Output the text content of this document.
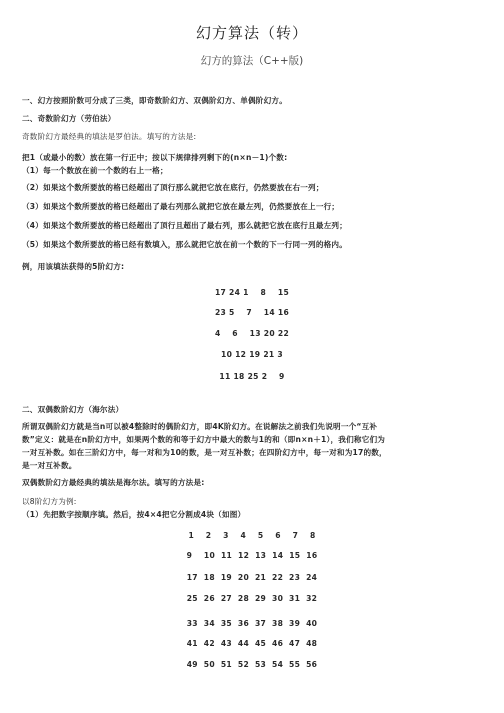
幻方算法（转）
幻方的算法（C++版)
一、幻方按照阶数可分成了三类，即奇数阶幻方、双偶阶幻方、单偶阶幻方。
二、奇数阶幻方（劳伯法）
奇数阶幻方最经典的填法是罗伯法。填写的方法是:
把1（或最小的数）放在第一行正中；按以下规律排列剩下的(n×n－1)个数:
（1）每一个数放在前一个数的右上一格；
（2）如果这个数所要放的格已经超出了顶行那么就把它放在底行，仍然要放在右一列；
（3）如果这个数所要放的格已经超出了最右列那么就把它放在最左列，仍然要放在上一行；
（4）如果这个数所要放的格已经超出了顶行且超出了最右列，那么就把它放在底行且最左列；
（5）如果这个数所要放的格已经有数填入，那么就把它放在前一个数的下一行同一列的格内。
例，用该填法获得的5阶幻方:
17 24 1    8    15
23 5    7    14 16
4    6    13 20 22
10 12 19 21 3
11 18 25 2    9
二、双偶数阶幻方（海尔法）
所谓双偶阶幻方就是当n可以被4整除时的偶阶幻方，即4K阶幻方。在说解法之前我们先说明一个“互补
数”定义：就是在n阶幻方中，如果两个数的和等于幻方中最大的数与1的和（即n×n＋1），我们称它们为
一对互补数。如在三阶幻方中，每一对和为10的数，是一对互补数；在四阶幻方中，每一对和为17的数，
是一对互补数。
双偶数阶幻方最经典的填法是海尔法。填写的方法是:
以8阶幻方为例:
（1）先把数字按顺序填。然后，按4×4把它分割成4块（如图）
1    2    3    4    5    6    7    8
9    10  11  12  13  14  15  16
17  18  19  20  21  22  23  24
25  26  27  28  29  30  31  32
33  34  35  36  37  38  39  40
41  42  43  44  45  46  47  48
49  50  51  52  53  54  55  56
